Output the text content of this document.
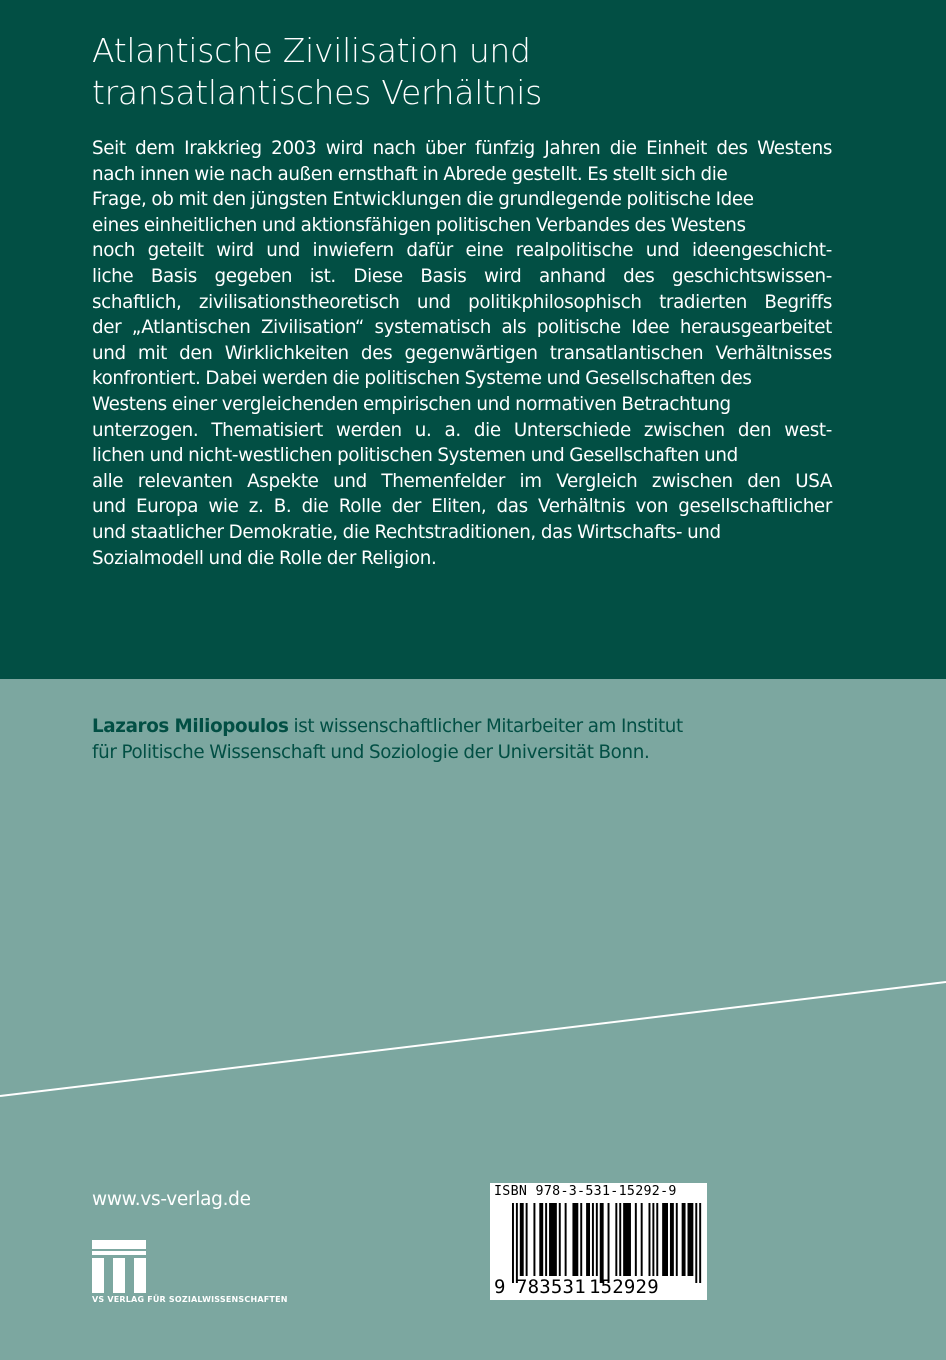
Atlantische Zivilisation und
transatlantisches Verhältnis
Seit dem Irakkrieg 2003 wird nach über fünfzig Jahren die Einheit des Westens
nach innen wie nach außen ernsthaft in Abrede gestellt. Es stellt sich die
Frage, ob mit den jüngsten Entwicklungen die grundlegende politische Idee
eines einheitlichen und aktionsfähigen politischen Verbandes des Westens
noch geteilt wird und inwiefern dafür eine realpolitische und ideengeschicht-
liche Basis gegeben ist. Diese Basis wird anhand des geschichtswissen-
schaftlich, zivilisationstheoretisch und politikphilosophisch tradierten Begriffs
der „Atlantischen Zivilisation“ systematisch als politische Idee herausgearbeitet
und mit den Wirklichkeiten des gegenwärtigen transatlantischen Verhältnisses
konfrontiert. Dabei werden die politischen Systeme und Gesellschaften des
Westens einer vergleichenden empirischen und normativen Betrachtung
unterzogen. Thematisiert werden u. a. die Unterschiede zwischen den west-
lichen und nicht-westlichen politischen Systemen und Gesellschaften und
alle relevanten Aspekte und Themenfelder im Vergleich zwischen den USA
und Europa wie z. B. die Rolle der Eliten, das Verhältnis von gesellschaftlicher
und staatlicher Demokratie, die Rechtstraditionen, das Wirtschafts- und
Sozialmodell und die Rolle der Religion.
Lazaros Miliopoulos ist wissenschaftlicher Mitarbeiter am Institut
für Politische Wissenschaft und Soziologie der Universität Bonn.
www.vs-verlag.de
VS VERLAG FÜR SOZIALWISSENSCHAFTEN
ISBN 978-3-531-15292-9
9 783531 152929
